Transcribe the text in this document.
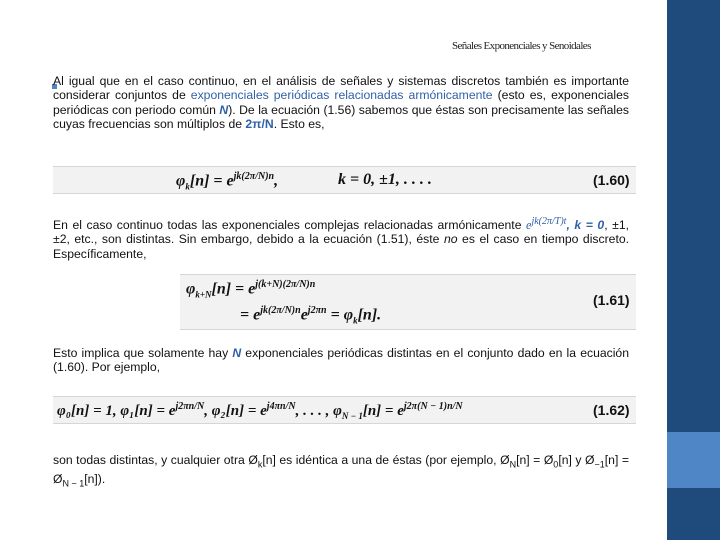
Señales Exponenciales y Senoidales
Al igual que en el caso continuo, en el análisis de señales y sistemas discretos también es importante considerar conjuntos de exponenciales periódicas relacionadas armónicamente (esto es, exponenciales periódicas con periodo común N). De la ecuación (1.56) sabemos que éstas son precisamente las señales cuyas frecuencias son múltiplos de 2π/N. Esto es,
$\varphi_k[n] = e^{jk(2\pi/N)n}$,	k = 0, ±1, . . . .	(1.60)
En el caso continuo todas las exponenciales complejas relacionadas armónicamente $e^{jk(2\pi/T)t}$, k = 0, ±1, ±2, etc., son distintas. Sin embargo, debido a la ecuación (1.51), éste no es el caso en tiempo discreto. Específicamente,
$\varphi_{k+N}[n] = e^{j(k+N)(2\pi/N)n}$
= $e^{jk(2\pi/N)n}e^{j2\pi n} = \varphi_k[n]$.
(1.61)
Esto implica que solamente hay N exponenciales periódicas distintas en el conjunto dado en la ecuación (1.60). Por ejemplo,
φ₀[n] = 1, $\varphi_1[n] = e^{j2\pi n/N}$, $\varphi_2[n] = e^{j4\pi n/N}$, . . . , $\varphi_{N - 1}[n] = e^{j2\pi(N - 1)n/N}$	(1.62)
son todas distintas, y cualquier otra $Ø_k[n]$ es idéntica a una de éstas (por ejemplo, $Ø_N[n]$ = $Ø_0[n]$ y $Ø_{-1}[n]$ = $Ø_{N - 1}[n]$).
